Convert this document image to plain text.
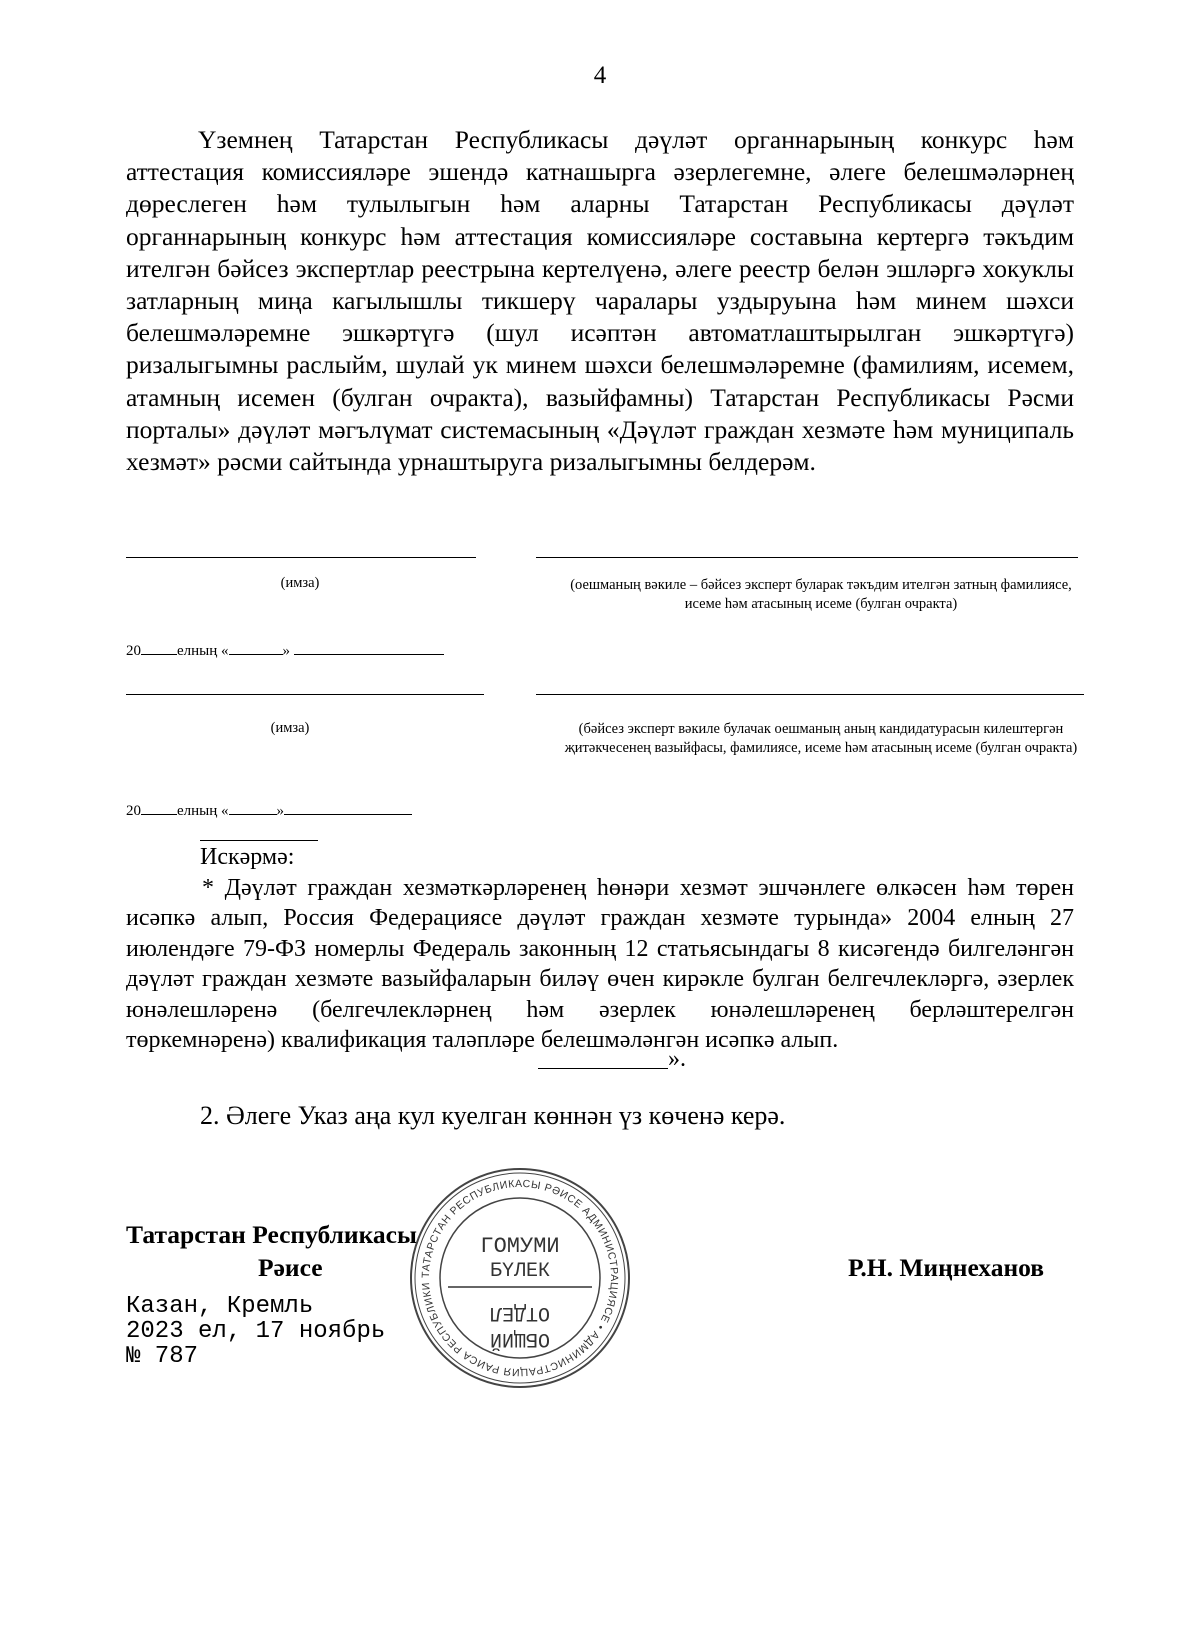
4

Үземнең Татарстан Республикасы дәүләт органнарының конкурс һәм аттестация комиссияләре эшендә катнашырга әзерлегемне, әлеге белешмәләрнең дөреслеген һәм тулылыгын һәм аларны Татарстан Республикасы дәүләт органнарының конкурс һәм аттестация комиссияләре составына кертергә тәкъдим ителгән бәйсез экспертлар реестрына кертелүенә, әлеге реестр белән эшләргә хокуклы затларның миңа кагылышлы тикшерү чаралары уздыруына һәм минем шәхси белешмәләремне эшкәртүгә (шул исәптән автоматлаштырылган эшкәртүгә) ризалыгымны раслыйм, шулай ук минем шәхси белешмәләремне (фамилиям, исемем, атамның исемен (булган очракта), вазыйфамны) Татарстан Республикасы Рәсми порталы» дәүләт мәгълүмат системасының «Дәүләт граждан хезмәте һәм муниципаль хезмәт» рәсми сайтында урнаштыруга ризалыгымны белдерәм.

(имза)	(оешманың вәкиле – бәйсез эксперт буларак тәкъдим ителгән затның фамилиясе, исеме һәм атасының исеме (булган очракта)
20 елның «	»
(имза)	(бәйсез эксперт вәкиле булачак оешманың аның кандидатурасын килештергән җитәкчесенең вазыйфасы, фамилиясе, исеме һәм атасының исеме (булган очракта)
20 елның «	»
Искәрмә:

* Дәүләт граждан хезмәткәрләренең һөнәри хезмәт эшчәнлеге өлкәсен һәм төрен исәпкә алып, Россия Федерациясе дәүләт граждан хезмәте турында» 2004 елның 27 июлендәге 79-ФЗ номерлы Федераль законның 12 статьясындагы 8 кисәгендә билгеләнгән дәүләт граждан хезмәте вазыйфаларын биләү өчен кирәкле булган белгечлекләргә, әзерлек юнәлешләренә (белгечлекләрнең һәм әзерлек юнәлешләренең берләштерелгән төркемнәренә) квалификация таләпләре белешмәләнгән исәпкә алып.

».
2. Әлеге Указ аңа кул куелган көннән үз көченә керә.
Татарстан Республикасы
Рәисе	Р.Н. Миңнеханов
Казан, Кремль
2023 ел, 17 ноябрь
№ 787
ТАТАРСТАН РЕСПУБЛИКАСЫ РӘИСЕ АДМИНИСТРАЦИЯСЕ • АДМИНИСТРАЦИЯ РАИСА РЕСПУБЛИКИ
ГОМУМИ
БҮЛЕК
ОТДЕЛ
ОБЩИЙ
